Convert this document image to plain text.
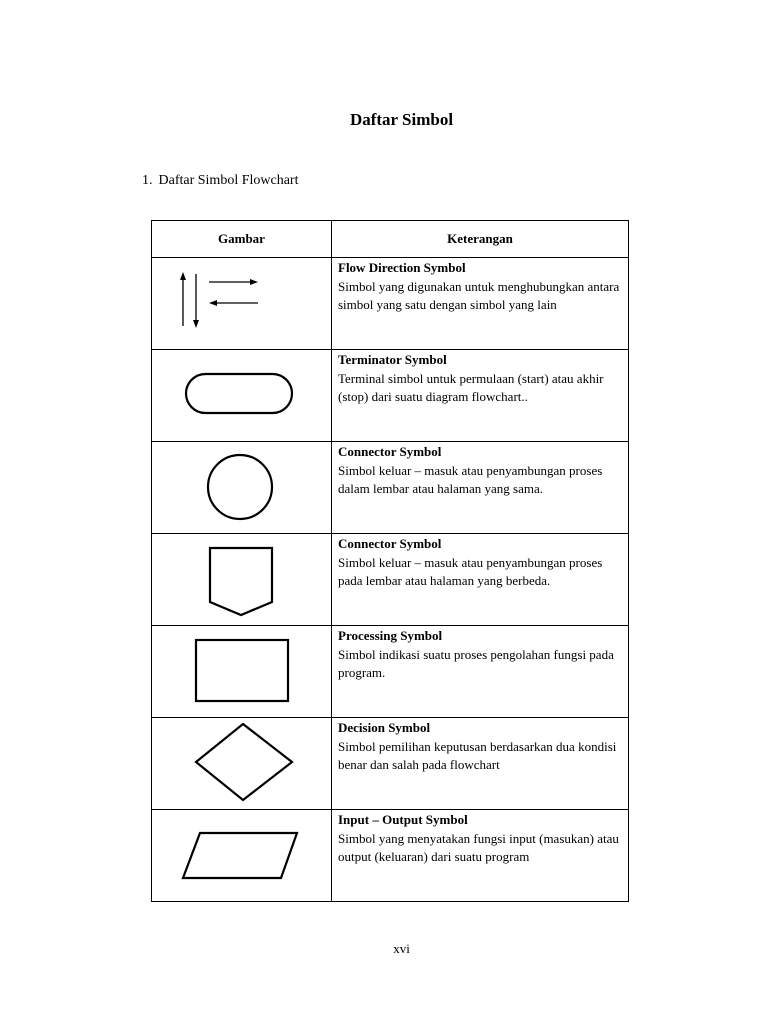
Daftar Simbol
1. Daftar Simbol Flowchart
Gambar	Keterangan

Flow Direction Symbol
Simbol yang digunakan untuk menghubungkan antara simbol yang satu dengan simbol yang lain

Terminator Symbol
Terminal simbol untuk permulaan (start) atau akhir (stop) dari suatu diagram flowchart..

Connector Symbol
Simbol keluar – masuk atau penyambungan proses dalam lembar atau halaman yang sama.

Connector Symbol
Simbol keluar – masuk atau penyambungan proses pada lembar atau halaman yang berbeda.

Processing Symbol
Simbol indikasi suatu proses pengolahan fungsi pada program.

Decision Symbol
Simbol pemilihan keputusan berdasarkan dua kondisi benar dan salah pada flowchart

Input – Output Symbol
Simbol yang menyatakan fungsi input (masukan) atau output (keluaran) dari suatu program
xvi
